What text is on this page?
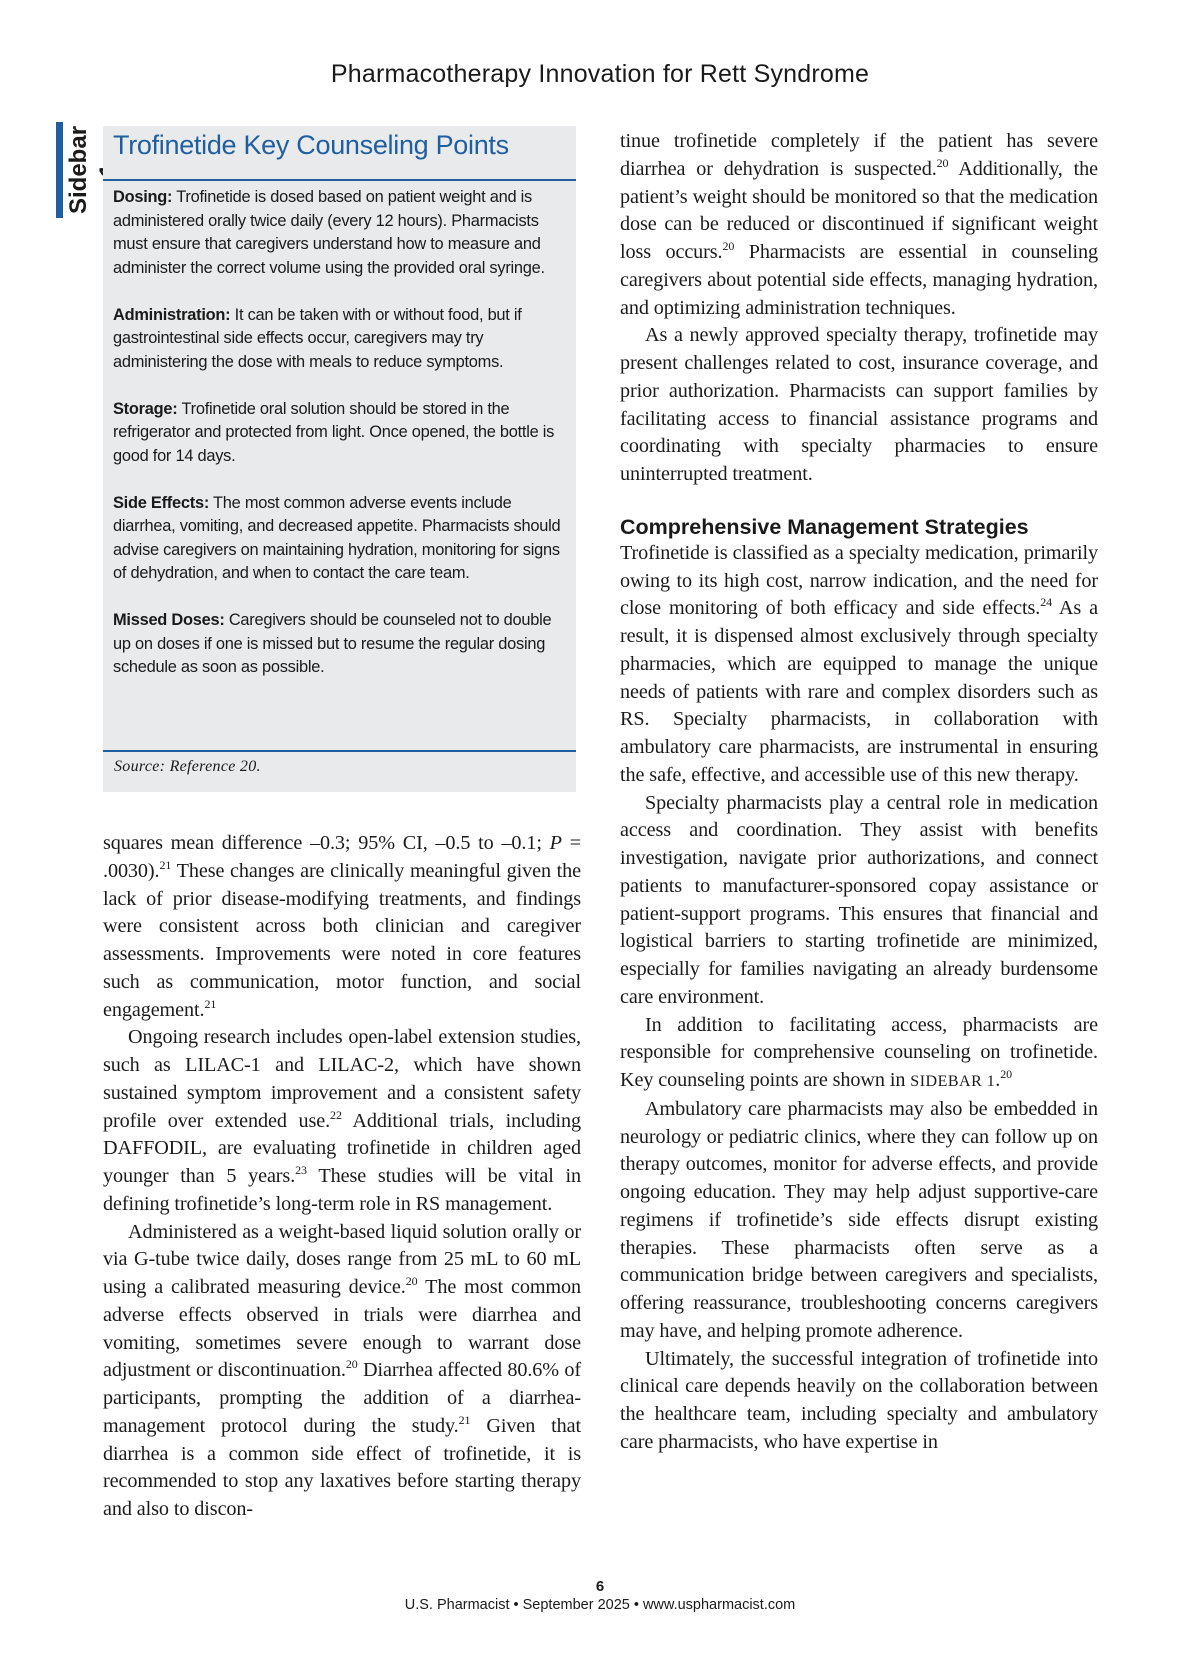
Pharmacotherapy Innovation for Rett Syndrome
Sidebar Trofinetide Key Counseling Points

Dosing: Trofinetide is dosed based on patient weight and is administered orally twice daily (every 12 hours). Pharmacists must ensure that caregivers understand how to measure and administer the correct volume using the provided oral syringe.

Administration: It can be taken with or without food, but if gastrointestinal side effects occur, caregivers may try administering the dose with meals to reduce symptoms.

Storage: Trofinetide oral solution should be stored in the refrigerator and protected from light. Once opened, the bottle is good for 14 days.

Side Effects: The most common adverse events include diarrhea, vomiting, and decreased appetite. Pharmacists should advise caregivers on maintaining hydration, monitoring for signs of dehydration, and when to contact the care team.

Missed Doses: Caregivers should be counseled not to double up on doses if one is missed but to resume the regular dosing schedule as soon as possible.

Source: Reference 20.

squares mean difference –0.3; 95% CI, –0.5 to –0.1; P = .0030).$^{21}$ These changes are clinically meaningful given the lack of prior disease-modifying treatments, and findings were consistent across both clinician and caregiver assessments. Improvements were noted in core features such as communication, motor function, and social engagement.$^{21}$

Ongoing research includes open-label extension studies, such as LILAC-1 and LILAC-2, which have shown sustained symptom improvement and a consistent safety profile over extended use.$^{22}$ Additional trials, including DAFFODIL, are evaluating trofinetide in children aged younger than 5 years.$^{23}$ These studies will be vital in defining trofinetide’s long-term role in RS management.

Administered as a weight-based liquid solution orally or via G-tube twice daily, doses range from 25 mL to 60 mL using a calibrated measuring device.$^{20}$ The most common adverse effects observed in trials were diarrhea and vomiting, sometimes severe enough to warrant dose adjustment or discontinuation.$^{20}$ Diarrhea affected 80.6% of participants, prompting the addition of a diarrhea-management protocol during the study.$^{21}$ Given that diarrhea is a common side effect of trofinetide, it is recommended to stop any laxatives before starting therapy and also to discon-

tinue trofinetide completely if the patient has severe diarrhea or dehydration is suspected.$^{20}$ Additionally, the patient’s weight should be monitored so that the medication dose can be reduced or discontinued if significant weight loss occurs.$^{20}$ Pharmacists are essential in counseling caregivers about potential side effects, managing hydration, and optimizing administration techniques.

As a newly approved specialty therapy, trofinetide may present challenges related to cost, insurance coverage, and prior authorization. Pharmacists can support families by facilitating access to financial assistance programs and coordinating with specialty pharmacies to ensure uninterrupted treatment.

Comprehensive Management Strategies

Trofinetide is classified as a specialty medication, primarily owing to its high cost, narrow indication, and the need for close monitoring of both efficacy and side effects.$^{24}$ As a result, it is dispensed almost exclusively through specialty pharmacies, which are equipped to manage the unique needs of patients with rare and complex disorders such as RS. Specialty pharmacists, in collaboration with ambulatory care pharmacists, are instrumental in ensuring the safe, effective, and accessible use of this new therapy.

Specialty pharmacists play a central role in medication access and coordination. They assist with benefits investigation, navigate prior authorizations, and connect patients to manufacturer-sponsored copay assistance or patient-support programs. This ensures that financial and logistical barriers to starting trofinetide are minimized, especially for families navigating an already burdensome care environment.

In addition to facilitating access, pharmacists are responsible for comprehensive counseling on trofinetide. Key counseling points are shown in SIDEBAR 1.20

Ambulatory care pharmacists may also be embedded in neurology or pediatric clinics, where they can follow up on therapy outcomes, monitor for adverse effects, and provide ongoing education. They may help adjust supportive-care regimens if trofinetide’s side effects disrupt existing therapies. These pharmacists often serve as a communication bridge between caregivers and specialists, offering reassurance, troubleshooting concerns caregivers may have, and helping promote adherence.

Ultimately, the successful integration of trofinetide into clinical care depends heavily on the collaboration between the healthcare team, including specialty and ambulatory care pharmacists, who have expertise in

6
U.S. Pharmacist • September 2025 • www.uspharmacist.com
